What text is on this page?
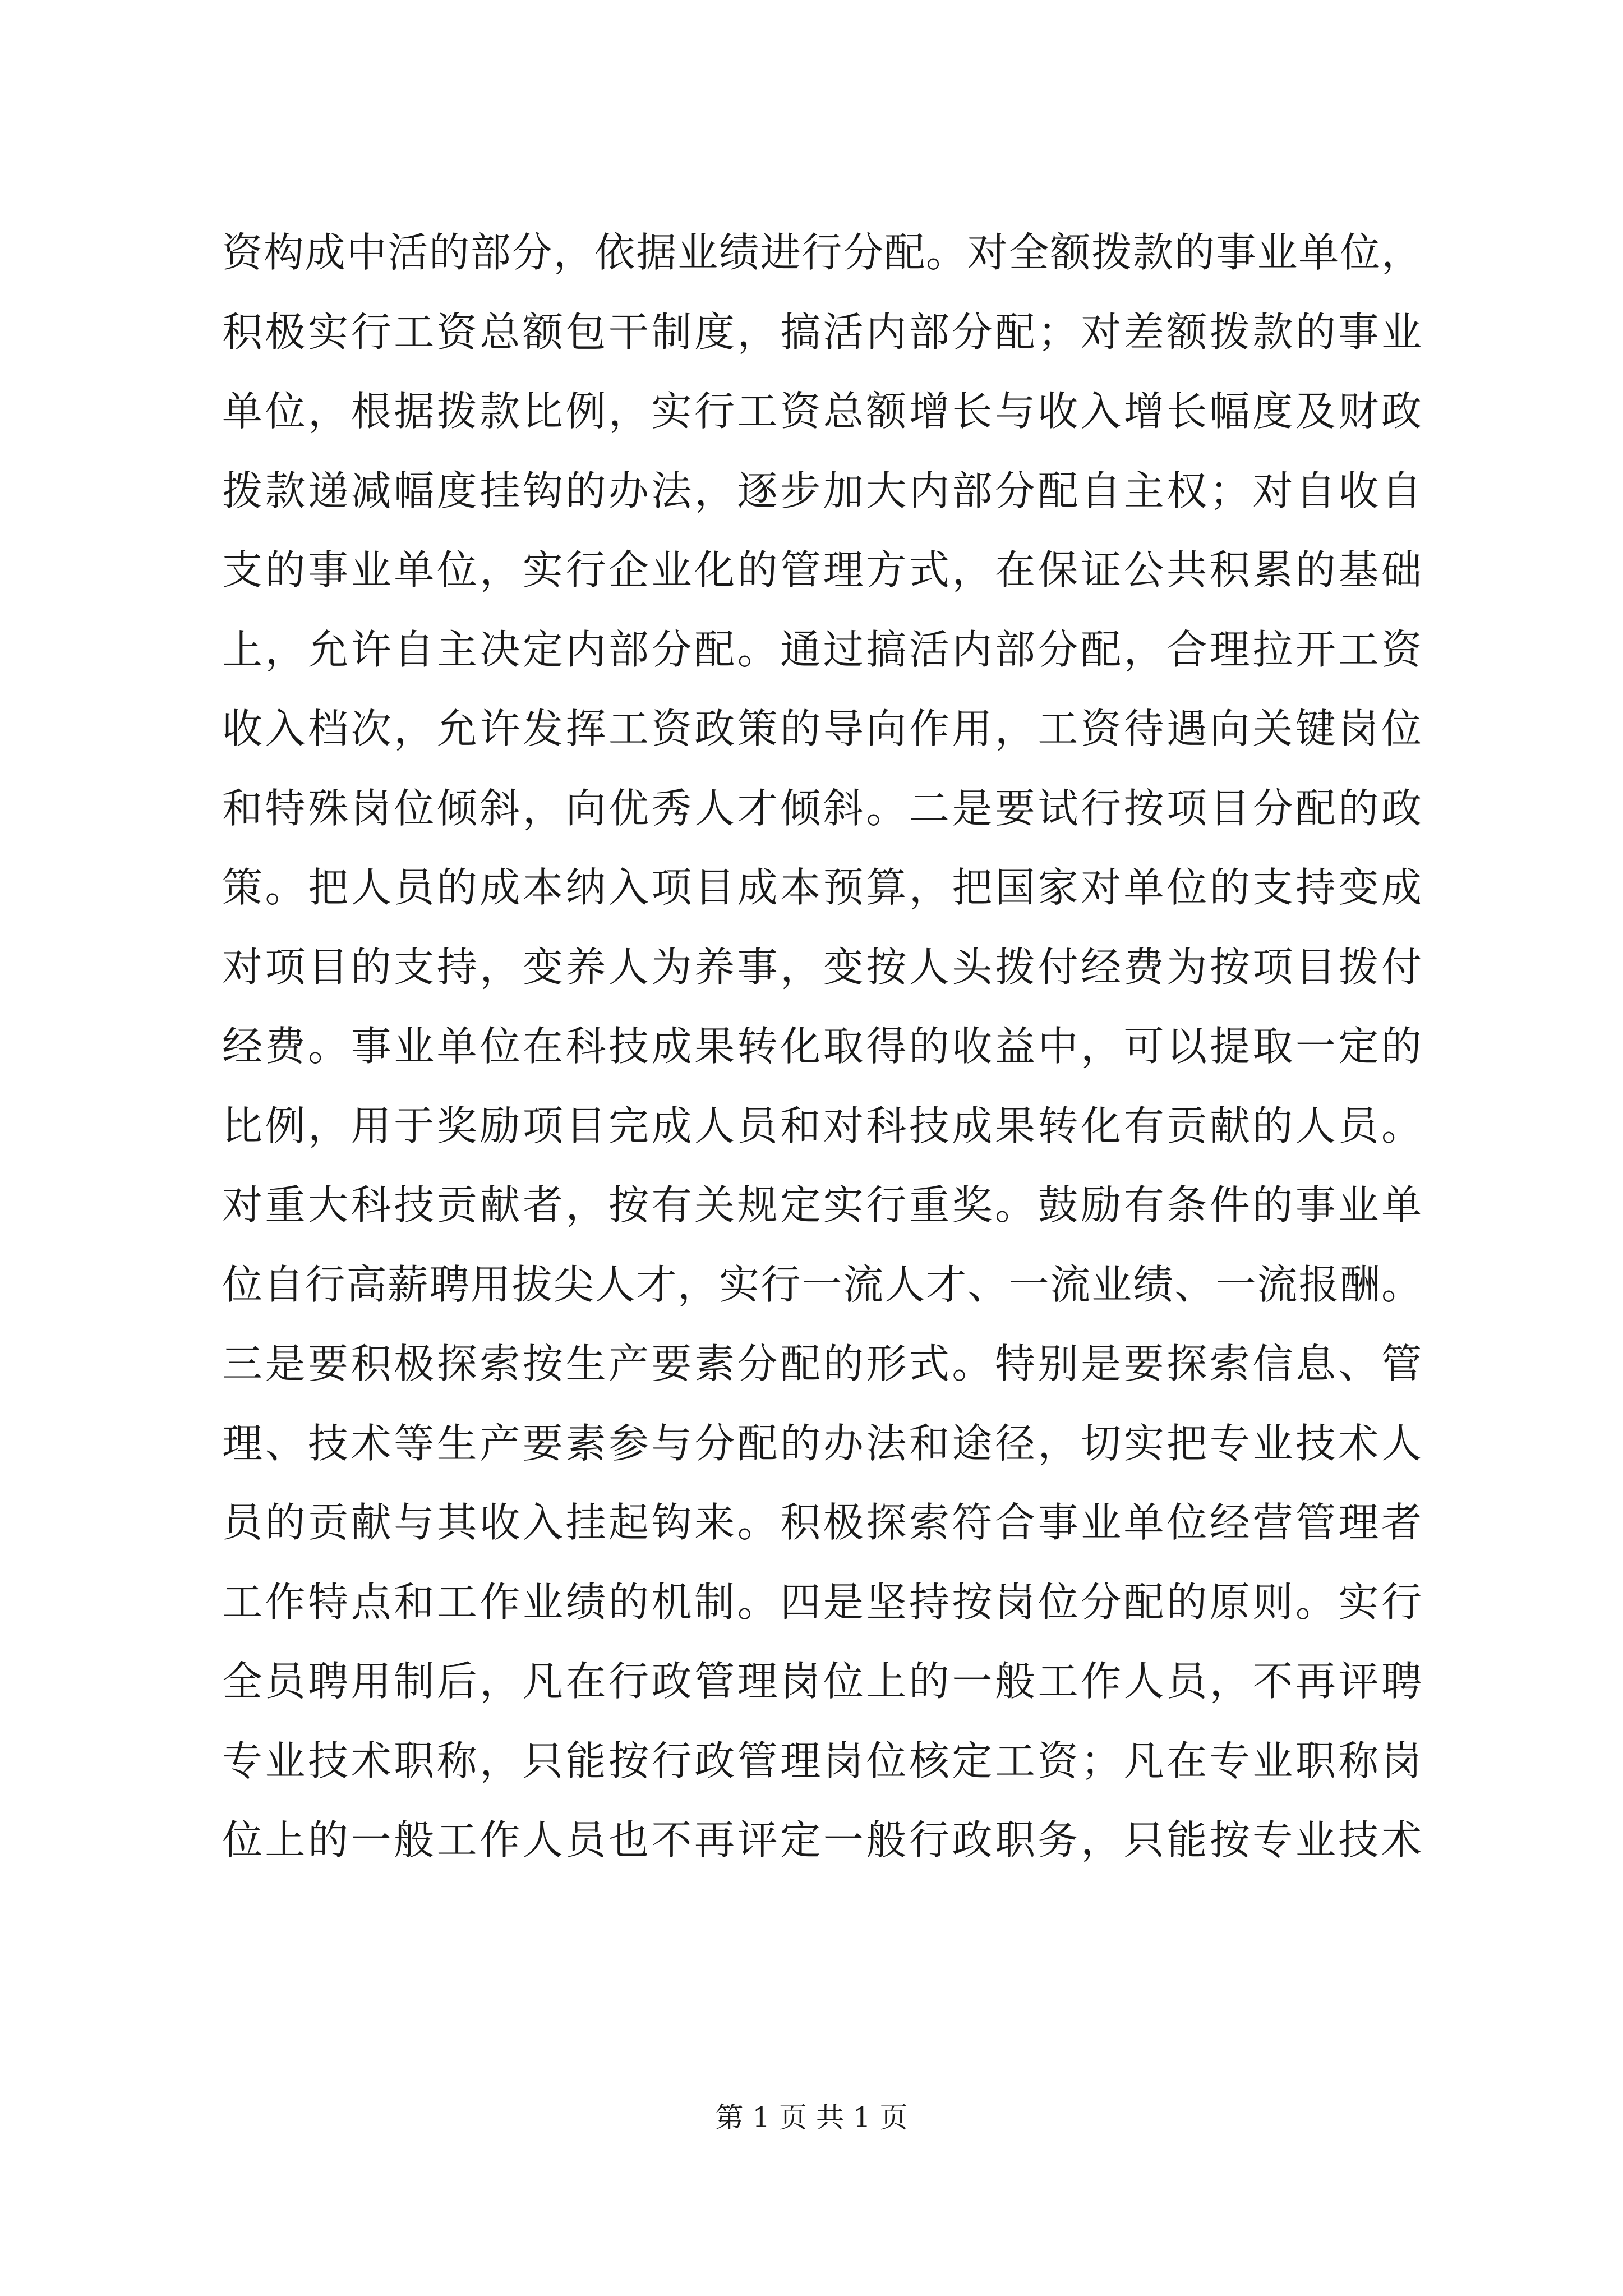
资构成中活的部分，依据业绩进行分配。对全额拨款的事业单位，
积极实行工资总额包干制度，搞活内部分配；对差额拨款的事业
单位，根据拨款比例，实行工资总额增长与收入增长幅度及财政
拨款递减幅度挂钩的办法，逐步加大内部分配自主权；对自收自
支的事业单位，实行企业化的管理方式，在保证公共积累的基础
上，允许自主决定内部分配。通过搞活内部分配，合理拉开工资
收入档次，允许发挥工资政策的导向作用，工资待遇向关键岗位
和特殊岗位倾斜，向优秀人才倾斜。二是要试行按项目分配的政
策。把人员的成本纳入项目成本预算，把国家对单位的支持变成
对项目的支持，变养人为养事，变按人头拨付经费为按项目拨付
经费。事业单位在科技成果转化取得的收益中，可以提取一定的
比例，用于奖励项目完成人员和对科技成果转化有贡献的人员。
对重大科技贡献者，按有关规定实行重奖。鼓励有条件的事业单
位自行高薪聘用拔尖人才，实行一流人才、一流业绩、一流报酬。
三是要积极探索按生产要素分配的形式。特别是要探索信息、管
理、技术等生产要素参与分配的办法和途径，切实把专业技术人
员的贡献与其收入挂起钩来。积极探索符合事业单位经营管理者
工作特点和工作业绩的机制。四是坚持按岗位分配的原则。实行
全员聘用制后，凡在行政管理岗位上的一般工作人员，不再评聘
专业技术职称，只能按行政管理岗位核定工资；凡在专业职称岗
位上的一般工作人员也不再评定一般行政职务，只能按专业技术
第 1 页 共 1 页
